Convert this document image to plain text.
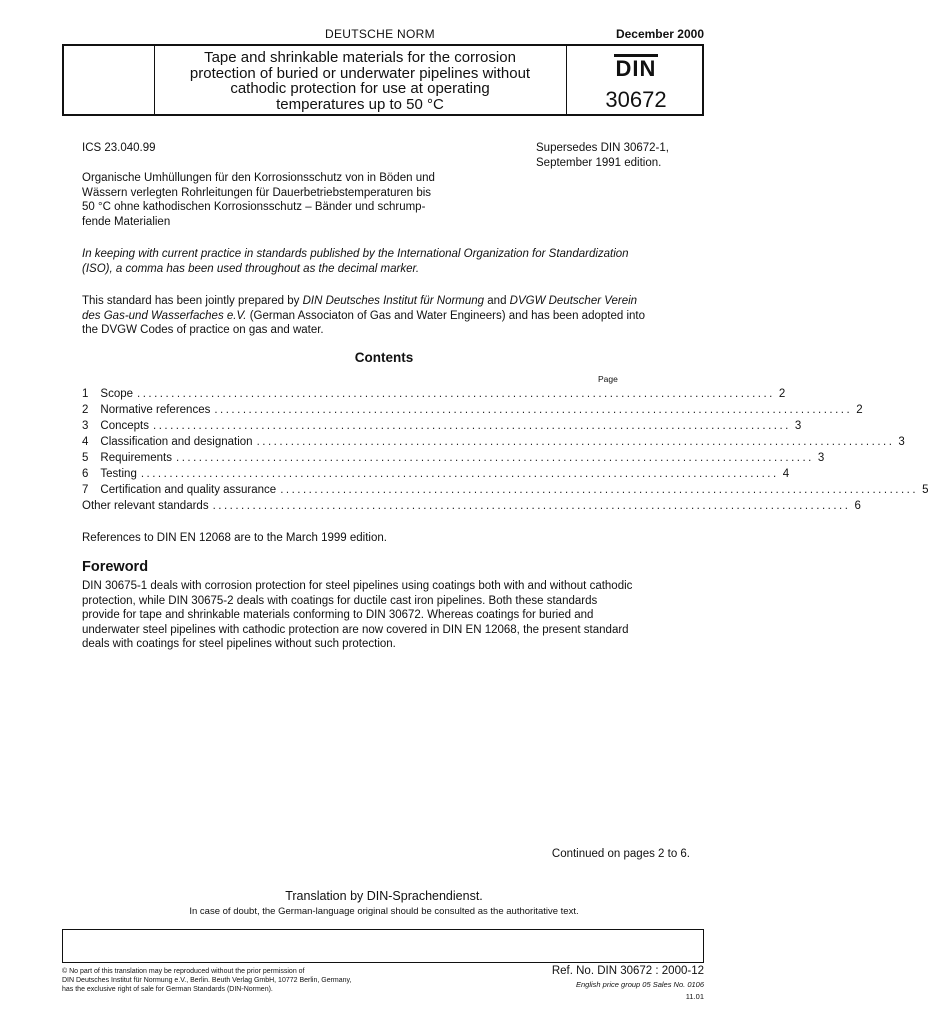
DEUTSCHE NORM	December 2000
Tape and shrinkable materials for the corrosion
protection of buried or underwater pipelines without
cathodic protection for use at operating
temperatures up to 50 °C
DIN
30672
ICS 23.040.99	Supersedes DIN 30672-1,
September 1991 edition.
Organische Umhüllungen für den Korrosionsschutz von in Böden und
Wässern verlegten Rohrleitungen für Dauerbetriebstemperaturen bis
50 °C ohne kathodischen Korrosionsschutz – Bänder und schrump-
fende Materialien
In keeping with current practice in standards published by the International Organization for Standardization
(ISO), a comma has been used throughout as the decimal marker.
This standard has been jointly prepared by DIN Deutsches Institut für Normung and DVGW Deutscher Verein
des Gas-und Wasserfaches e.V. (German Associaton of Gas and Water Engineers) and has been adopted into
the DVGW Codes of practice on gas and water.
Contents
Page
1	Scope ................................................................................................................ 2
2	Normative references ................................................................................................................ 2
3	Concepts ................................................................................................................ 3
4	Classification and designation ................................................................................................................ 3
5	Requirements ................................................................................................................ 3
6	Testing ................................................................................................................ 4
7	Certification and quality assurance ................................................................................................................ 5
Other relevant standards ................................................................................................................ 6
References to DIN EN 12068 are to the March 1999 edition.
Foreword
DIN 30675-1 deals with corrosion protection for steel pipelines using coatings both with and without cathodic
protection, while DIN 30675-2 deals with coatings for ductile cast iron pipelines. Both these standards
provide for tape and shrinkable materials conforming to DIN 30672. Whereas coatings for buried and
underwater steel pipelines with cathodic protection are now covered in DIN EN 12068, the present standard
deals with coatings for steel pipelines without such protection.
Continued on pages 2 to 6.
Translation by DIN-Sprachendienst.
In case of doubt, the German-language original should be consulted as the authoritative text.
© No part of this translation may be reproduced without the prior permission of
DIN Deutsches Institut für Normung e.V., Berlin. Beuth Verlag GmbH, 10772 Berlin, Germany,
has the exclusive right of sale for German Standards (DIN-Normen).
Ref. No. DIN 30672 : 2000-12
English price group 05 Sales No. 0106
11.01
